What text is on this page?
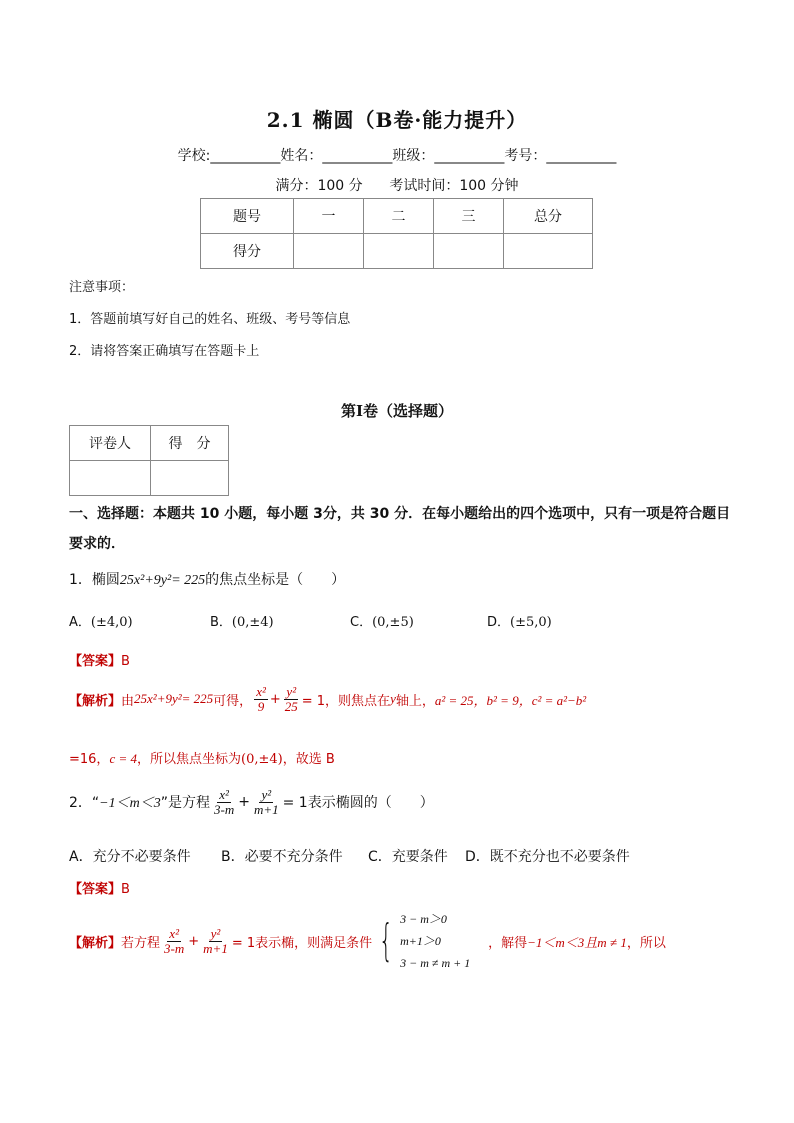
2.1 椭圆（B卷·能力提升）
学校:__________姓名：__________班级：__________考号：__________
满分：100 分      考试时间：100 分钟
题号	一	二	三	总分
得分				
注意事项：
1．答题前填写好自己的姓名、班级、考号等信息
2．请将答案正确填写在答题卡上
第Ⅰ卷（选择题）
评卷人	得　分

一、选择题：本题共 10 小题，每小题 3分，共 30 分．在每小题给出的四个选项中，只有一项是符合题目
要求的．
1．椭圆25x²+9y²= 225的焦点坐标是（　　）
A．(±4,0)	B．(0,±4)	C．(0,±5)	D．(±5,0)
【答案】B
【解析】 由 25x²+9y²= 225 可得， $\frac{\text{x²}}{9} + \frac{\text{y²}}{25} = 1$，则焦点在 y 轴上， a² = 25，b² = 9，c² = a²−b²
=16，c = 4，所以焦点坐标为(0,±4)，故选 B
2．“ −1＜m＜3 ”是方程 $\frac{\text{x²}}{3-m} + \frac{\text{y²}}{m+1} = 1$表示椭圆的（　　）
A．充分不必要条件 B．必要不充分条件 C．充要条件 D．既不充分也不必要条件
【答案】B
【解析】 若方程 $\frac{\text{x²}}{3-m} + \frac{\text{y²}}{m+1} = 1$表示椭，则满足条件 { 3 − m＞0
m+1＞0
3 − m ≠ m + 1
，解得 −1＜m＜3且m ≠ 1 ，所以
